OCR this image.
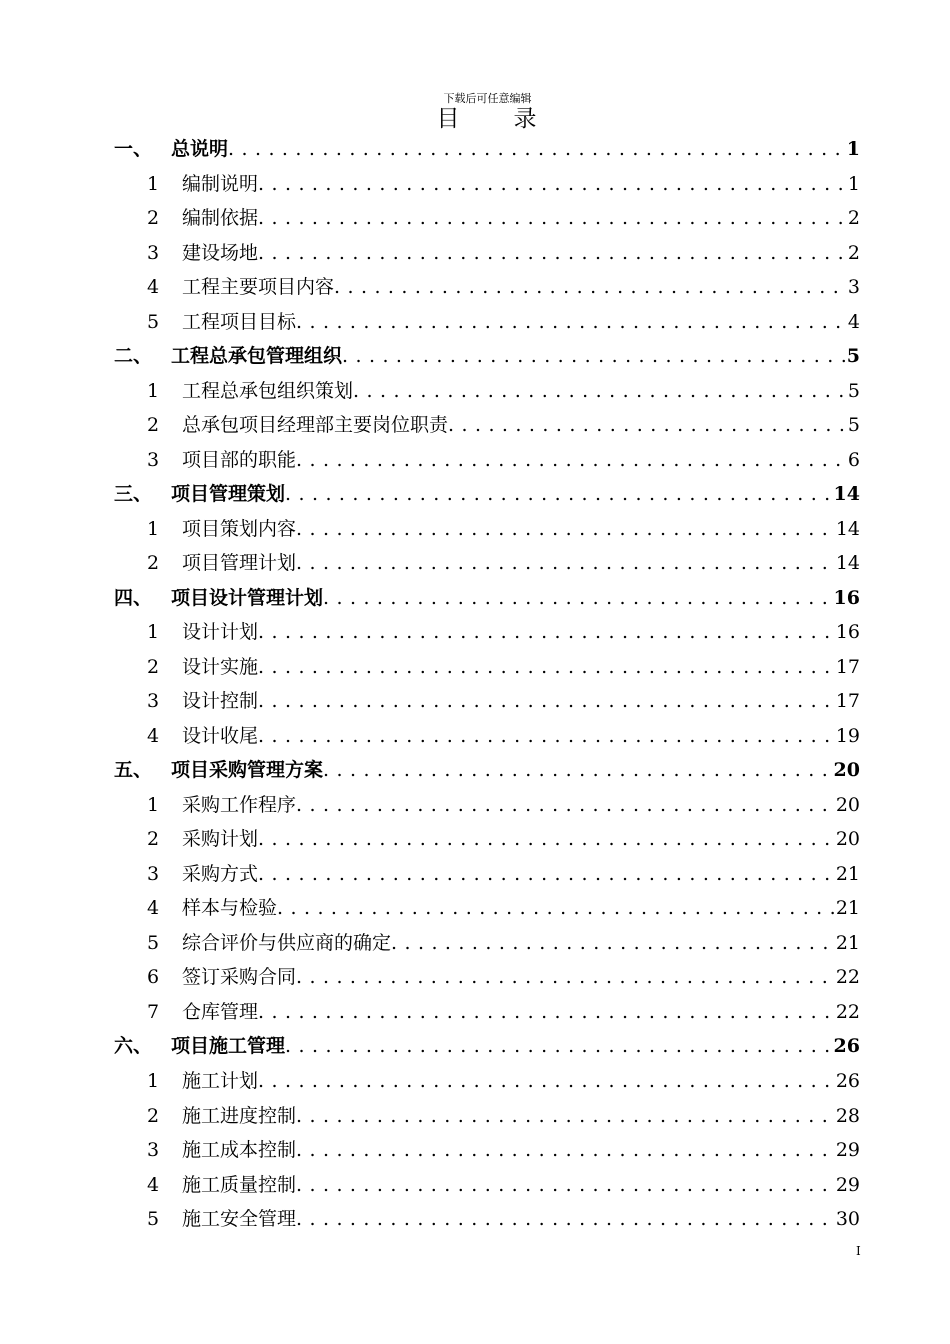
下载后可任意编辑
目 录
一、 总说明 . . .	1
1	编制说明 . . .	1
2	编制依据 . . .	2
3	建设场地 . . .	2
4	工程主要项目内容 . . .	3
5	工程项目目标 . . .	4
二、 工程总承包管理组织 . . .	5
1	工程总承包组织策划 . . .	5
2	总承包项目经理部主要岗位职责 . . .	5
3	项目部的职能 . . .	6
三、 项目管理策划 . . .	14
1	项目策划内容 . . .	14
2	项目管理计划 . . .	14
四、 项目设计管理计划 . . .	16
1	设计计划 . . .	16
2	设计实施 . . .	17
3	设计控制 . . .	17
4	设计收尾 . . .	19
五、 项目采购管理方案 . . .	20
1	采购工作程序 . . .	20
2	采购计划 . . .	20
3	采购方式 . . .	21
4	样本与检验 . . .	21
5	综合评价与供应商的确定 . . .	21
6	签订采购合同 . . .	22
7	仓库管理 . . .	22
六、 项目施工管理 . . .	26
1	施工计划 . . .	26
2	施工进度控制 . . .	28
3	施工成本控制 . . .	29
4	施工质量控制 . . .	29
5	施工安全管理 . . .	30
I
